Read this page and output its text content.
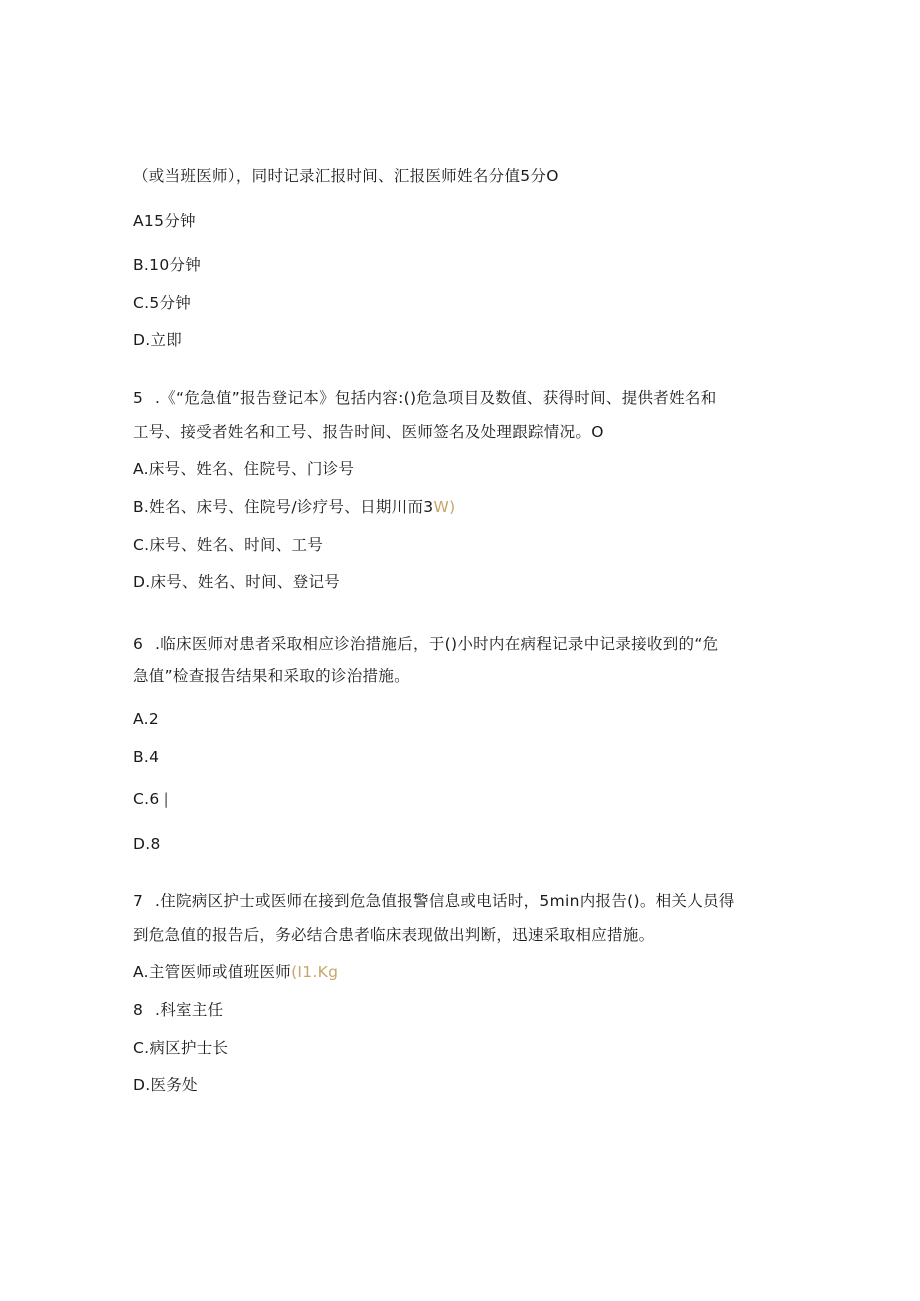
（或当班医师），同时记录汇报时间、汇报医师姓名分值5分O
A15分钟
B.10分钟
C.5分钟
D.立即
5 .《“危急值”报告登记本》包括内容:()危急项目及数值、获得时间、提供者姓名和
工号、接受者姓名和工号、报告时间、医师签名及处理跟踪情况。O
A.床号、姓名、住院号、门诊号
B.姓名、床号、住院号/诊疗号、日期川而3W)
C.床号、姓名、时间、工号
D.床号、姓名、时间、登记号
6 .临床医师对患者采取相应诊治措施后，于()小时内在病程记录中记录接收到的“危
急值”检查报告结果和采取的诊治措施。
A.2
B.4
C.6 |
D.8
7 .住院病区护士或医师在接到危急值报警信息或电话时，5min内报告()。相关人员得
到危急值的报告后，务必结合患者临床表现做出判断，迅速采取相应措施。
A.主管医师或值班医师(I1.Kg
8 .科室主任
C.病区护士长
D.医务处
